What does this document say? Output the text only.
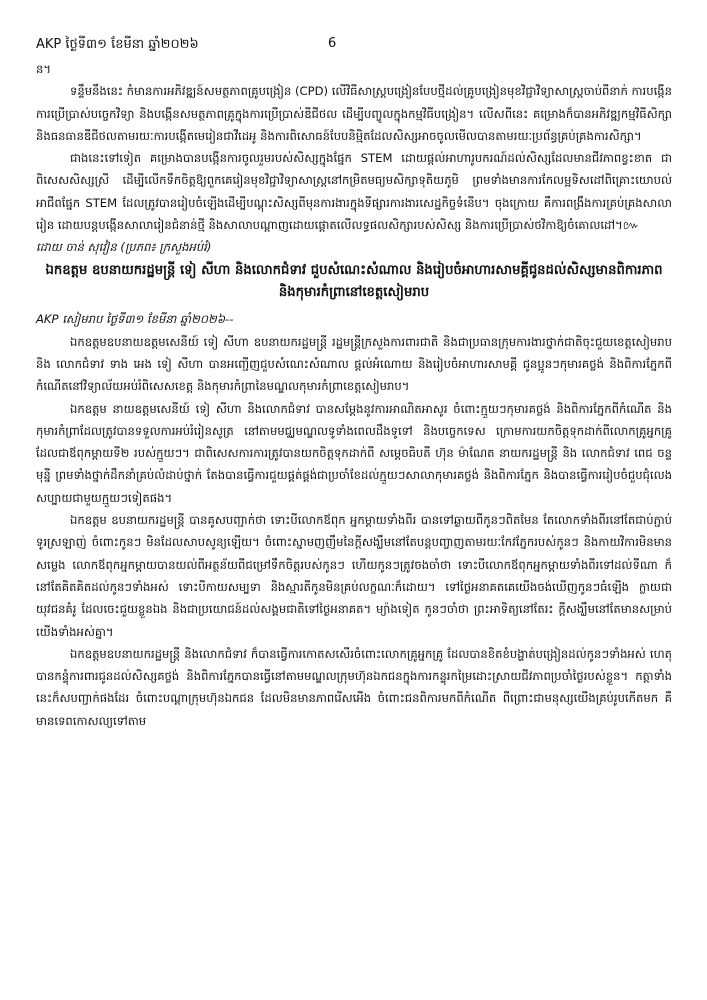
AKP ថ្ងៃទី៣១ ខែមីនា ឆ្នាំ២០២៦	6

ន។

ទន្ទឹមនឹងនេះ កំមានការអភិវឌ្ឍន៍សមត្ថភាពគ្រូបង្រៀន (CPD) លើវិធីសាស្ត្របង្រៀនបែបថ្មីដល់គ្រូបង្រៀនមុខវិជ្ជាវិទ្យាសាស្ត្រចាប់ពីនាក់ ការបង្កើនការប្រើប្រាស់បច្ចេកវិទ្យា និងបង្កើនសមត្ថភាពគ្រូក្នុងការប្រើប្រាស់ឌីជីថល ដើម្បីបញ្ចូលក្នុងកម្មវិធីបង្រៀន។ លើសពីនេះ គម្រោងក៏បានអភិវឌ្ឍកម្មវិធីសិក្សា និងធនធានឌីជីថលតាមរយៈការបង្កើតមេរៀនជាវីដេអូ និងការពិសោធន៍បែបនិម្មិតដែលសិស្សអាចចូលមើលបានតាមរយៈប្រព័ន្ធគ្រប់គ្រងការសិក្សា។

ជាងនេះទៅទៀត គម្រោងបានបង្កើនការចូលរួមរបស់សិស្សក្នុងផ្នែក STEM ដោយផ្តល់អាហារូបករណ៍ដល់សិស្សដែលមានជីវភាពខ្វះខាត ជាពិសេសសិស្សស្រី ដើម្បីលើកទឹកចិត្តឱ្យពួកគេរៀនមុខវិជ្ជាវិទ្យាសាស្ត្រនៅកម្រិតមធ្យមសិក្សាទុតិយភូមិ ព្រមទាំងមានការកែលម្អទិសដៅពិគ្រោះយោបល់អាជីពផ្នែក STEM ដែលត្រូវបានរៀបចំឡើងដើម្បីបណ្តុះសិស្សពីមុនការងារក្នុងទីផ្សារការងារសេដ្ឋកិច្ចទំនើប។ ចុងក្រោយ គឺការពង្រឹងការគ្រប់គ្រងសាលារៀន ដោយបន្តបង្កើនសាលារៀនជំនាន់ថ្មី និងសាលាបណ្តាញដោយផ្តោតលើលទ្ធផលសិក្សារបស់សិស្ស និងការប្រើប្រាស់ថវិកាឱ្យចំគោលដៅ។៚

ដោយ ចាន់ សុវៀន (ប្រភព៖ ក្រសួងអប់រំ)

ឯកឧត្តម ឧបនាយករដ្ឋមន្ត្រី ទៀ សីហា និងលោកជំទាវ ជួបសំណេះសំណាល និងរៀបចំអាហារសាមគ្គីជូនដល់សិស្សមានពិការភាព និងកុមារកំព្រានៅខេត្តសៀមរាប

AKP សៀមរាប ថ្ងៃទី៣១ ខែមីនា ឆ្នាំ២០២៦--

ឯកឧត្តមឧបនាយឧត្តមសេនីយ៍ ទៀ សីហា ឧបនាយករដ្ឋមន្ត្រី រដ្ឋមន្ត្រីក្រសួងការពារជាតិ និងជាប្រធានក្រុមការងារថ្នាក់ជាតិចុះជួយខេត្តសៀមរាប និង លោកជំទាវ ទាង អេង ទៀ សីហា បានអញ្ជើញជួបសំណេះសំណាល ផ្តល់អំណោយ និងរៀបចំអាហារសាមគ្គី ជូនប្អូនៗកុមារគថ្លង់ និងពិការភ្នែកពីកំណើតនៅវិទ្យាល័យអប់រំពិសេសខេត្ត និងកុមារកំព្រានៃមណ្ឌលកុមារកំព្រាខេត្តសៀមរាប។

ឯកឧត្តម នាយឧត្តមសេនីយ៍ ទៀ សីហា និងលោកជំទាវ បានសម្តែងនូវការអាណិតអាសូរ ចំពោះក្មួយៗកុមារគថ្លង់ និងពិការភ្នែកពីកំណើត និងកុមារកំព្រាដែលត្រូវបានទទួលការអប់រំរៀនសូត្រ នៅតាមមជ្ឈមណ្ឌលទូទាំងពេលដឹងទូទៅ និងបច្ចេកទេស ក្រោមការយកចិត្តទុកដាក់ពីលោកគ្រូអ្នកគ្រូ ដែលជាឪពុកម្តាយទី២ របស់ក្មួយៗ។ ជាពិសេសការការត្រូវបានយកចិត្តទុកដាក់ពី សម្តេចធិបតី ហ៊ុន ម៉ាណែត នាយករដ្ឋមន្ត្រី និង លោកជំទាវ ពេជ ចន្ទមុន្នី ព្រមទាំងថ្នាក់ដឹកនាំគ្រប់លំដាប់ថ្នាក់ តែងបានធ្វើការជួយផ្គត់ផ្គង់ជាប្រចាំខែដល់ក្មួយៗសាលាកុមារគថ្លង់ និងពិការភ្នែក និងបានធ្វើការរៀបចំជួបជុំលេងសប្បាយជាមួយក្មួយៗទៀតផង។

ឯកឧត្តម ឧបនាយករដ្ឋមន្ត្រី បានគូសបញ្ជាក់ថា ទោះបីលោកឪពុក អ្នកម្តាយទាំងពីរ បានទៅឆ្ងាយពីកូនៗពិតមែន តែលោកទាំងពីរនៅតែជាប់ភ្ជាប់ទូរស្រឡាញ់ ចំពោះកូនៗ មិនដែលសាបសូន្យឡើយ។ ចំពោះស្នាមញញឹមនៃក្តីសង្ឃឹមនៅតែបន្តបញ្ចាញតាមរយៈកែវភ្នែករបស់កូនៗ និងកាយវិការមិនមានសម្លេង លោកឪពុកអ្នកម្តាយបានយល់ពីអត្ថន័យពីជម្រៅទឹកចិត្តរបស់កូនៗ ហើយកូនៗត្រូវចងចាំថា ទោះបីលោកឪពុកអ្នកម្តាយទាំងពីរទៅដល់ទីណា ក៏នៅតែគិតគិតដល់កូនៗទាំងអស់ ទោះបីកាយសម្បទា និងស្មារតីកូនមិនគ្រប់លក្ខណៈក៏ដោយ។ ទៅថ្ងៃអនាគតគេយើងចង់ឃើញកូនៗធំឡើង ក្លាយជាយុវជនគំរូ ដែលចេះជួយខ្លួនឯង និងជាប្រយោជន៍ដល់សង្គមជាតិទៅថ្ងៃអនាគត។ ម្យ៉ាងទៀត កូនៗចាំថា ព្រះអាទិត្យនៅតែរះ ក្តីសង្ឃឹមនៅតែមានសម្រាប់យើងទាំងអស់គ្នា។

ឯកឧត្តមឧបនាយករដ្ឋមន្ត្រី និងលោកជំទាវ ក៏បានធ្វើការកោតសសើរចំពោះលោកគ្រូអ្នកគ្រូ ដែលបានខិតខំបង្ហាត់បង្រៀនដល់កូនៗទាំងអស់ ហេតុបានកន្ទុំការពារជូនដល់សិស្សគថ្លង់ និងពិការភ្នែកបានធ្វើនៅតាមមណ្ឌលក្រុមហ៊ុនឯកជនក្នុងការកន្ទុរកម្រៃដោះស្រាយជីវភាពប្រចាំថ្ងៃរបស់ខ្លួន។ កត្តាទាំងនេះក៏សបញ្ជាក់ផងដែរ ចំពោះបណ្តាក្រុមហ៊ុនឯកជន ដែលមិនមានភាពរើសអើង ចំពោះជនពិការមកពីកំណើត ពីព្រោះជាមនុស្សយើងគ្រប់រូបកើតមក គឺមានទេពកោសល្យទៅតាម
